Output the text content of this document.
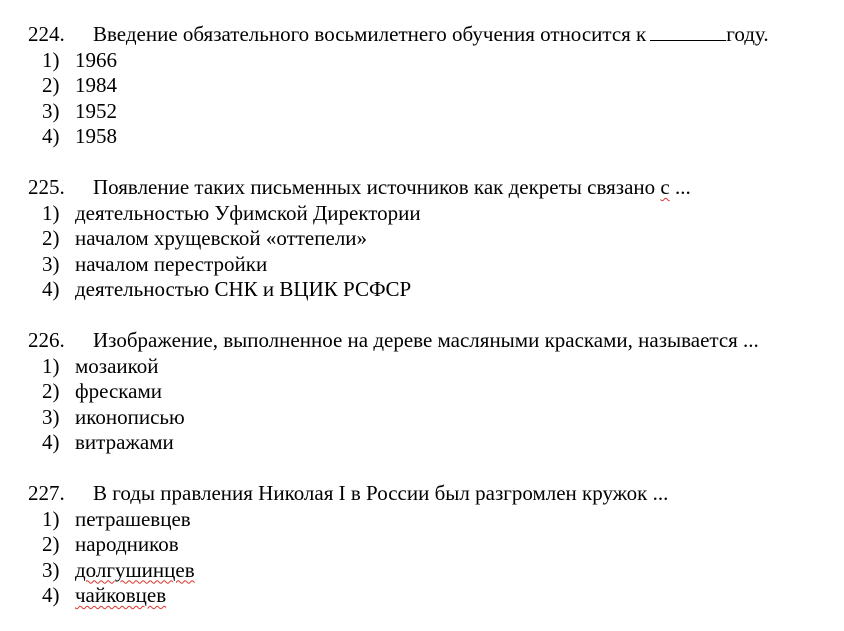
224. Введение обязательного восьмилетнего обучения относится к	году.
1) 1966
2) 1984
3) 1952
4) 1958
225. Появление таких письменных источников как декреты связано с ...
1) деятельностью Уфимской Директории
2) началом хрущевской «оттепели»
3) началом перестройки
4) деятельностью СНК и ВЦИК РСФСР
226. Изображение, выполненное на дереве масляными красками, называется ...
1) мозаикой
2) фресками
3) иконописью
4) витражами
227. В годы правления Николая I в России был разгромлен кружок ...
1) петрашевцев
2) народников
3) долгушинцев
4) чайковцев
